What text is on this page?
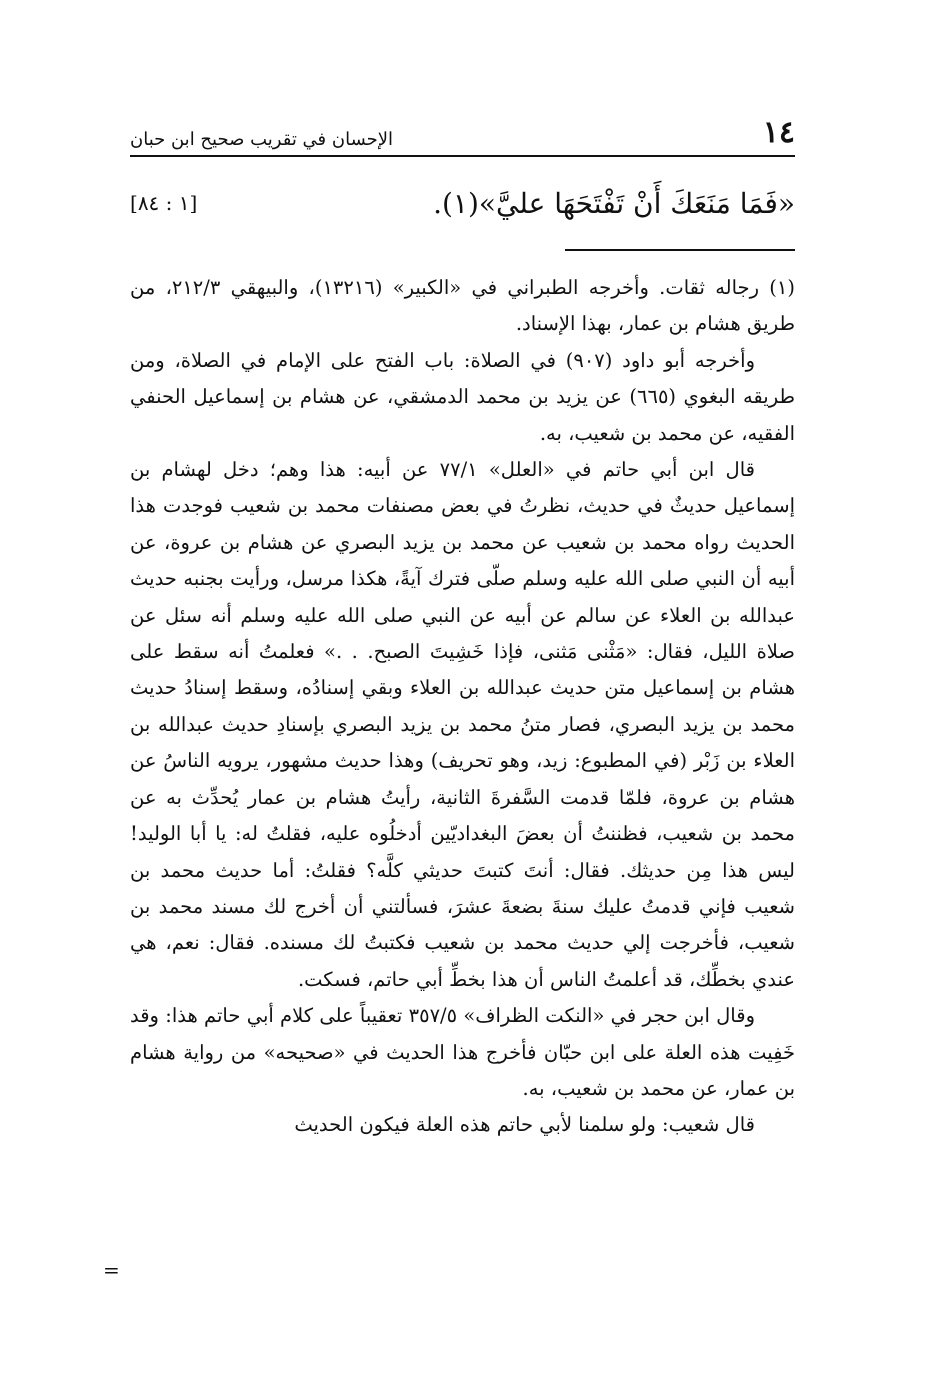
الإحسان في تقريب صحيح ابن حبان	١٤
[١ : ٨٤]	«فَمَا مَنَعَكَ أَنْ تَفْتَحَهَا عليَّ»(١).

(١) رجاله ثقات. وأخرجه الطبراني في «الكبير» (١٣٢١٦)، والبيهقي ٢١٢/٣، من طريق هشام بن عمار، بهذا الإسناد.

وأخرجه أبو داود (٩٠٧) في الصلاة: باب الفتح على الإمام في الصلاة، ومن طريقه البغوي (٦٦٥) عن يزيد بن محمد الدمشقي، عن هشام بن إسماعيل الحنفي الفقيه، عن محمد بن شعيب، به.

قال ابن أبي حاتم في «العلل» ٧٧/١ عن أبيه: هذا وهم؛ دخل لهشام بن إسماعيل حديثٌ في حديث، نظرتُ في بعض مصنفات محمد بن شعيب فوجدت هذا الحديث رواه محمد بن شعيب عن محمد بن يزيد البصري عن هشام بن عروة، عن أبيه أن النبي صلى الله عليه وسلم صلّى فترك آيةً، هكذا مرسل، ورأيت بجنبه حديث عبدالله بن العلاء عن سالم عن أبيه عن النبي صلى الله عليه وسلم أنه سئل عن صلاة الليل، فقال: «مَثْنى مَثنى، فإذا خَشِيتَ الصبح. . .» فعلمتُ أنه سقط على هشام بن إسماعيل متن حديث عبدالله بن العلاء وبقي إسنادُه، وسقط إسنادُ حديث محمد بن يزيد البصري، فصار متنُ محمد بن يزيد البصري بإسنادِ حديث عبدالله بن العلاء بن زَبْر (في المطبوع: زيد، وهو تحريف) وهذا حديث مشهور، يرويه الناسُ عن هشام بن عروة، فلمّا قدمت السَّفرةَ الثانية، رأيتُ هشام بن عمار يُحدِّث به عن محمد بن شعيب، فظننتُ أن بعضَ البغداديّين أدخلُوه عليه، فقلتُ له: يا أبا الوليد! ليس هذا مِن حديثك. فقال: أنتَ كتبتَ حديثي كلَّه؟ فقلتُ: أما حديث محمد بن شعيب فإني قدمتُ عليك سنةَ بضعةَ عشرَ، فسألتني أن أخرج لك مسند محمد بن شعيب، فأخرجت إلي حديث محمد بن شعيب فكتبتُ لك مسنده. فقال: نعم، هي عندي بخطِّك، قد أعلمتُ الناس أن هذا بخطِّ أبي حاتم، فسكت.

وقال ابن حجر في «النكت الظراف» ٣٥٧/٥ تعقيباً على كلام أبي حاتم هذا: وقد خَفِيت هذه العلة على ابن حبّان فأخرج هذا الحديث في «صحيحه» من رواية هشام بن عمار، عن محمد بن شعيب، به.

قال شعيب: ولو سلمنا لأبي حاتم هذه العلة فيكون الحديث

=
